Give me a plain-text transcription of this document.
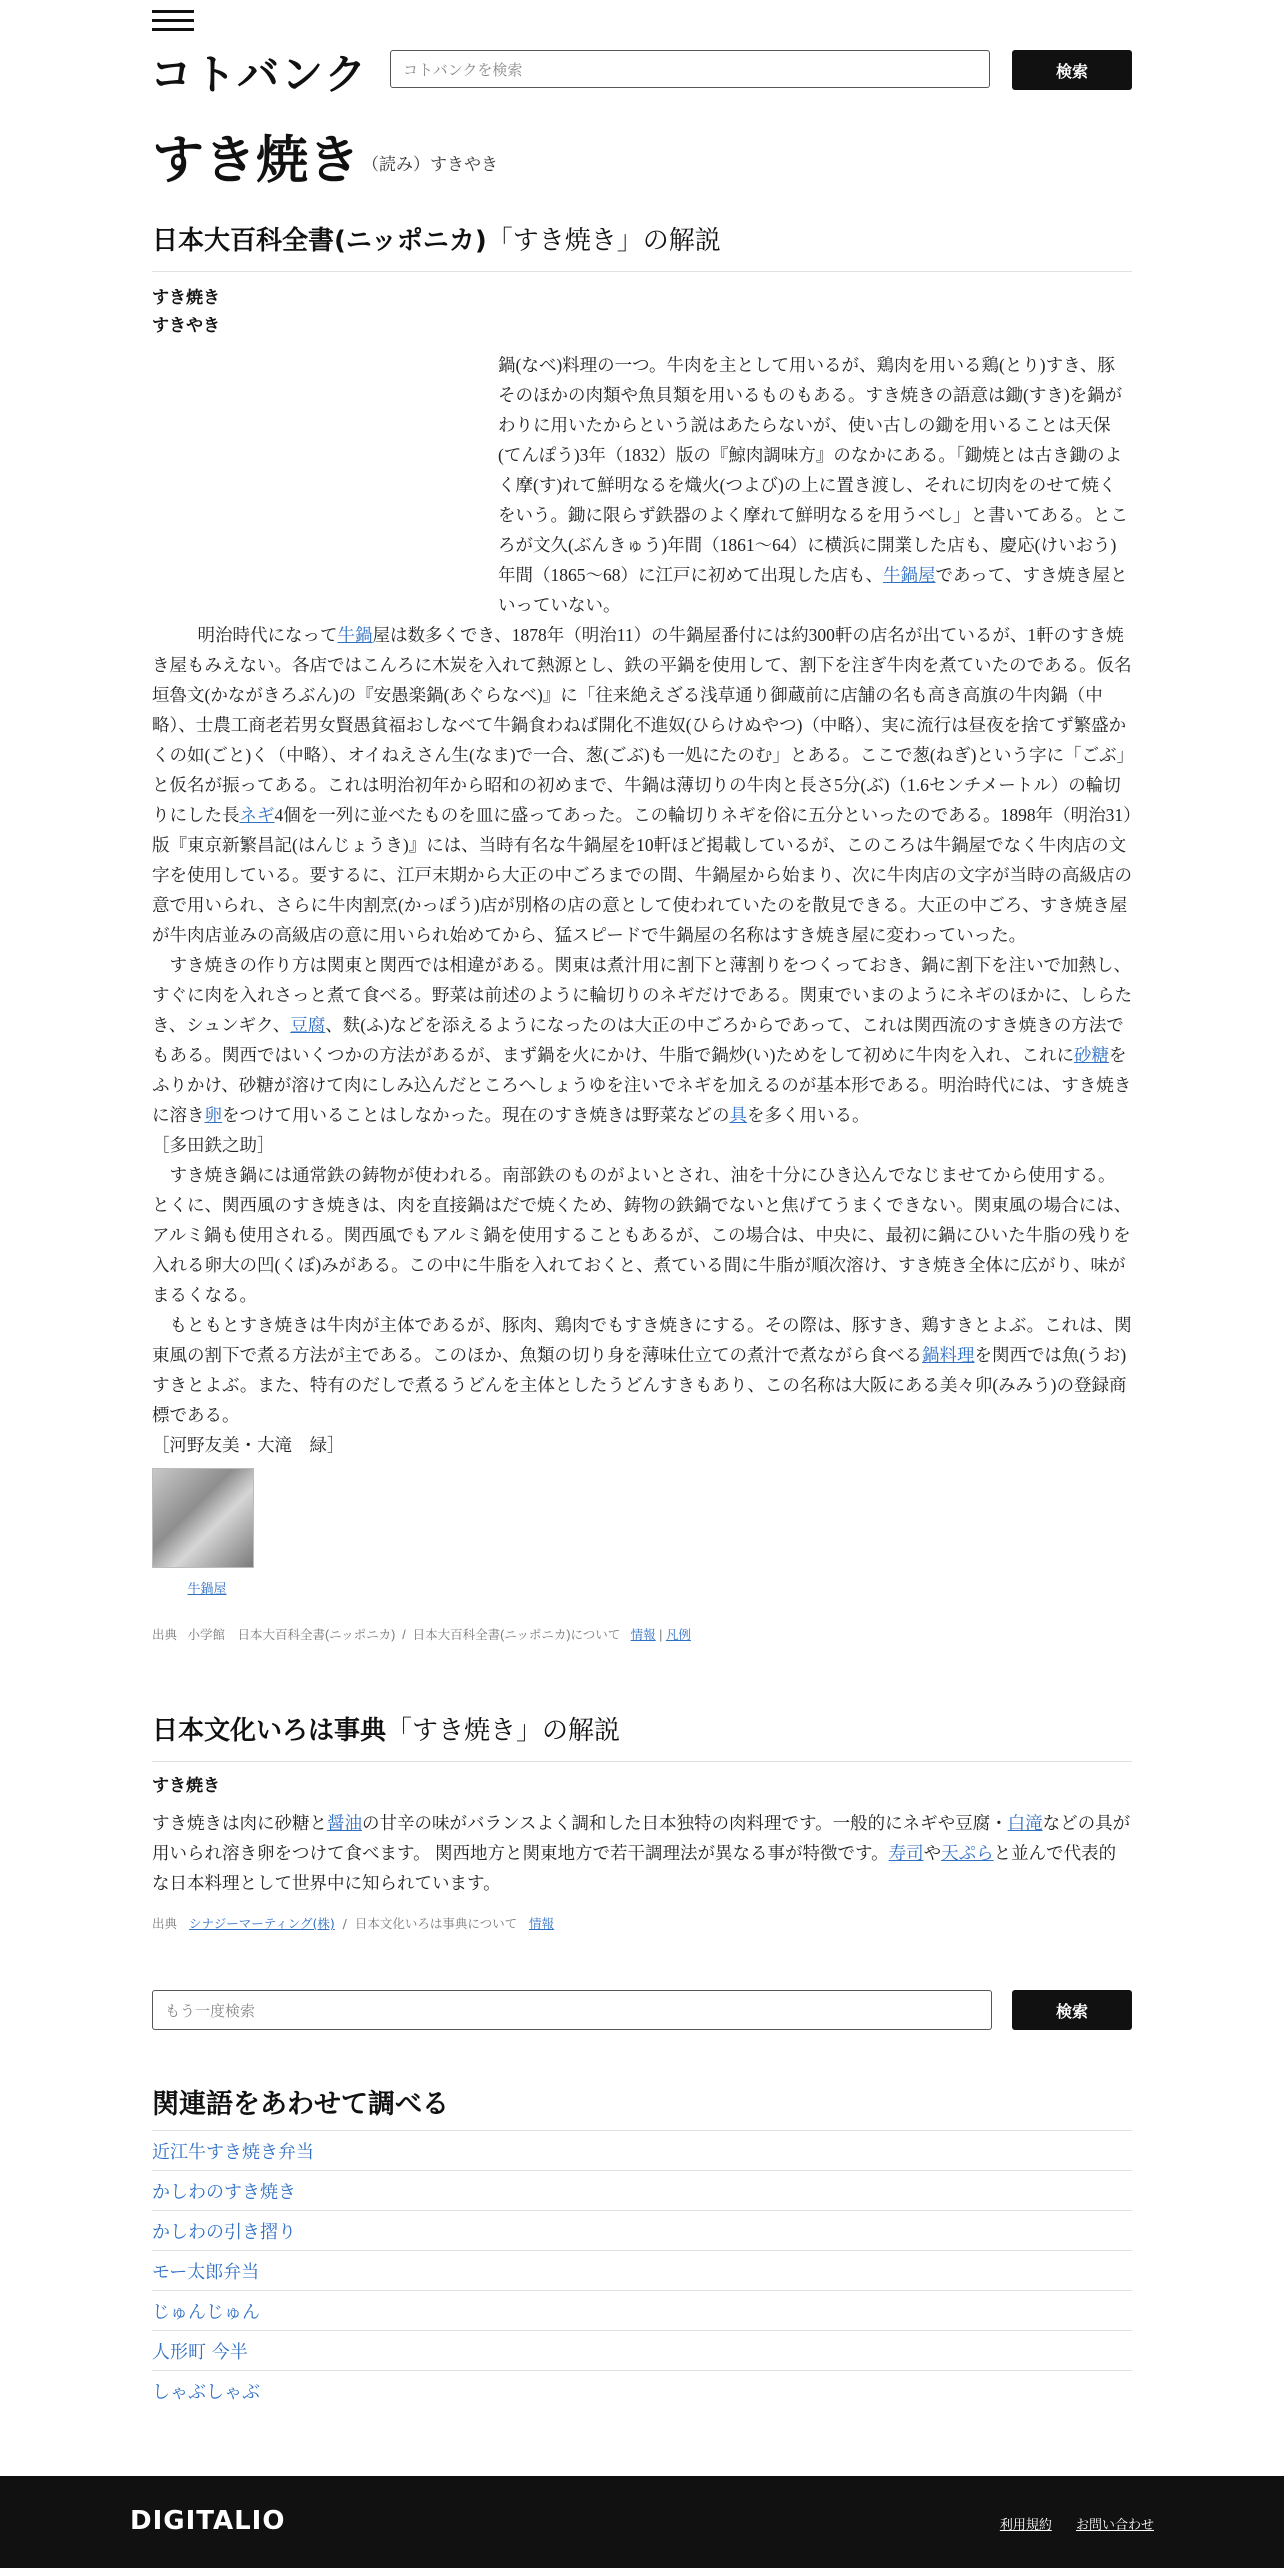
コトバンク	コトバンクを検索	検索
すき焼き （読み）すきやき
日本大百科全書(ニッポニカ)「すき焼き」の解説
すき焼き
すきやき

鍋(なべ)料理の一つ。牛肉を主として用いるが、鶏肉を用いる鶏(とり)すき、豚そのほかの肉類や魚貝類を用いるものもある。すき焼きの語意は鋤(すき)を鍋がわりに用いたからという説はあたらないが、使い古しの鋤を用いることは天保(てんぽう)3年（1832）版の『鯨肉調味方』のなかにある。「鋤焼とは古き鋤のよく摩(す)れて鮮明なるを熾火(つよび)の上に置き渡し、それに切肉をのせて焼くをいう。鋤に限らず鉄器のよく摩れて鮮明なるを用うべし」と書いてある。ところが文久(ぶんきゅう)年間（1861～64）に横浜に開業した店も、慶応(けいおう)年間（1865～68）に江戸に初めて出現した店も、牛鍋屋であって、すき焼き屋といっていない。

明治時代になって牛鍋屋は数多くでき、1878年（明治11）の牛鍋屋番付には約300軒の店名が出ているが、1軒のすき焼き屋もみえない。各店ではこんろに木炭を入れて熱源とし、鉄の平鍋を使用して、割下を注ぎ牛肉を煮ていたのである。仮名垣魯文(かながきろぶん)の『安愚楽鍋(あぐらなべ)』に「往来絶えざる浅草通り御蔵前に店舗の名も高き高旗の牛肉鍋（中略）、士農工商老若男女賢愚貧福おしなべて牛鍋食わねば開化不進奴(ひらけぬやつ)（中略）、実に流行は昼夜を捨てず繁盛かくの如(ごと)く（中略）、オイねえさん生(なま)で一合、葱(ごぶ)も一処にたのむ」とある。ここで葱(ねぎ)という字に「ごぶ」と仮名が振ってある。これは明治初年から昭和の初めまで、牛鍋は薄切りの牛肉と長さ5分(ぶ)（1.6センチメートル）の輪切りにした長ネギ4個を一列に並べたものを皿に盛ってあった。この輪切りネギを俗に五分といったのである。1898年（明治31）版『東京新繁昌記(はんじょうき)』には、当時有名な牛鍋屋を10軒ほど掲載しているが、このころは牛鍋屋でなく牛肉店の文字を使用している。要するに、江戸末期から大正の中ごろまでの間、牛鍋屋から始まり、次に牛肉店の文字が当時の高級店の意で用いられ、さらに牛肉割烹(かっぽう)店が別格の店の意として使われていたのを散見できる。大正の中ごろ、すき焼き屋が牛肉店並みの高級店の意に用いられ始めてから、猛スピードで牛鍋屋の名称はすき焼き屋に変わっていった。

すき焼きの作り方は関東と関西では相違がある。関東は煮汁用に割下と薄割りをつくっておき、鍋に割下を注いで加熱し、すぐに肉を入れさっと煮て食べる。野菜は前述のように輪切りのネギだけである。関東でいまのようにネギのほかに、しらたき、シュンギク、豆腐、麩(ふ)などを添えるようになったのは大正の中ごろからであって、これは関西流のすき焼きの方法でもある。関西ではいくつかの方法があるが、まず鍋を火にかけ、牛脂で鍋炒(い)ためをして初めに牛肉を入れ、これに砂糖をふりかけ、砂糖が溶けて肉にしみ込んだところへしょうゆを注いでネギを加えるのが基本形である。明治時代には、すき焼きに溶き卵をつけて用いることはしなかった。現在のすき焼きは野菜などの具を多く用いる。

［多田鉄之助］

すき焼き鍋には通常鉄の鋳物が使われる。南部鉄のものがよいとされ、油を十分にひき込んでなじませてから使用する。とくに、関西風のすき焼きは、肉を直接鍋はだで焼くため、鋳物の鉄鍋でないと焦げてうまくできない。関東風の場合には、アルミ鍋も使用される。関西風でもアルミ鍋を使用することもあるが、この場合は、中央に、最初に鍋にひいた牛脂の残りを入れる卵大の凹(くぼ)みがある。この中に牛脂を入れておくと、煮ている間に牛脂が順次溶け、すき焼き全体に広がり、味がまるくなる。

もともとすき焼きは牛肉が主体であるが、豚肉、鶏肉でもすき焼きにする。その際は、豚すき、鶏すきとよぶ。これは、関東風の割下で煮る方法が主である。このほか、魚類の切り身を薄味仕立ての煮汁で煮ながら食べる鍋料理を関西では魚(うお)すきとよぶ。また、特有のだしで煮るうどんを主体としたうどんすきもあり、この名称は大阪にある美々卯(みみう)の登録商標である。

［河野友美・大滝　緑］

牛鍋屋
出典 小学館　日本大百科全書(ニッポニカ) / 日本大百科全書(ニッポニカ)について 情報 | 凡例
日本文化いろは事典「すき焼き」の解説
すき焼き

すき焼きは肉に砂糖と醤油の甘辛の味がバランスよく調和した日本独特の肉料理です。一般的にネギや豆腐・白滝などの具が用いられ溶き卵をつけて食べます。 関西地方と関東地方で若干調理法が異なる事が特徴です。寿司や天ぷらと並んで代表的な日本料理として世界中に知られています。

出典 シナジーマーティング(株) / 日本文化いろは事典について 情報
もう一度検索	検索
関連語をあわせて調べる
近江牛すき焼き弁当
かしわのすき焼き
かしわの引き摺り
モー太郎弁当
じゅんじゅん
人形町 今半
しゃぶしゃぶ
DIGITALIO	利用規約 お問い合わせ
